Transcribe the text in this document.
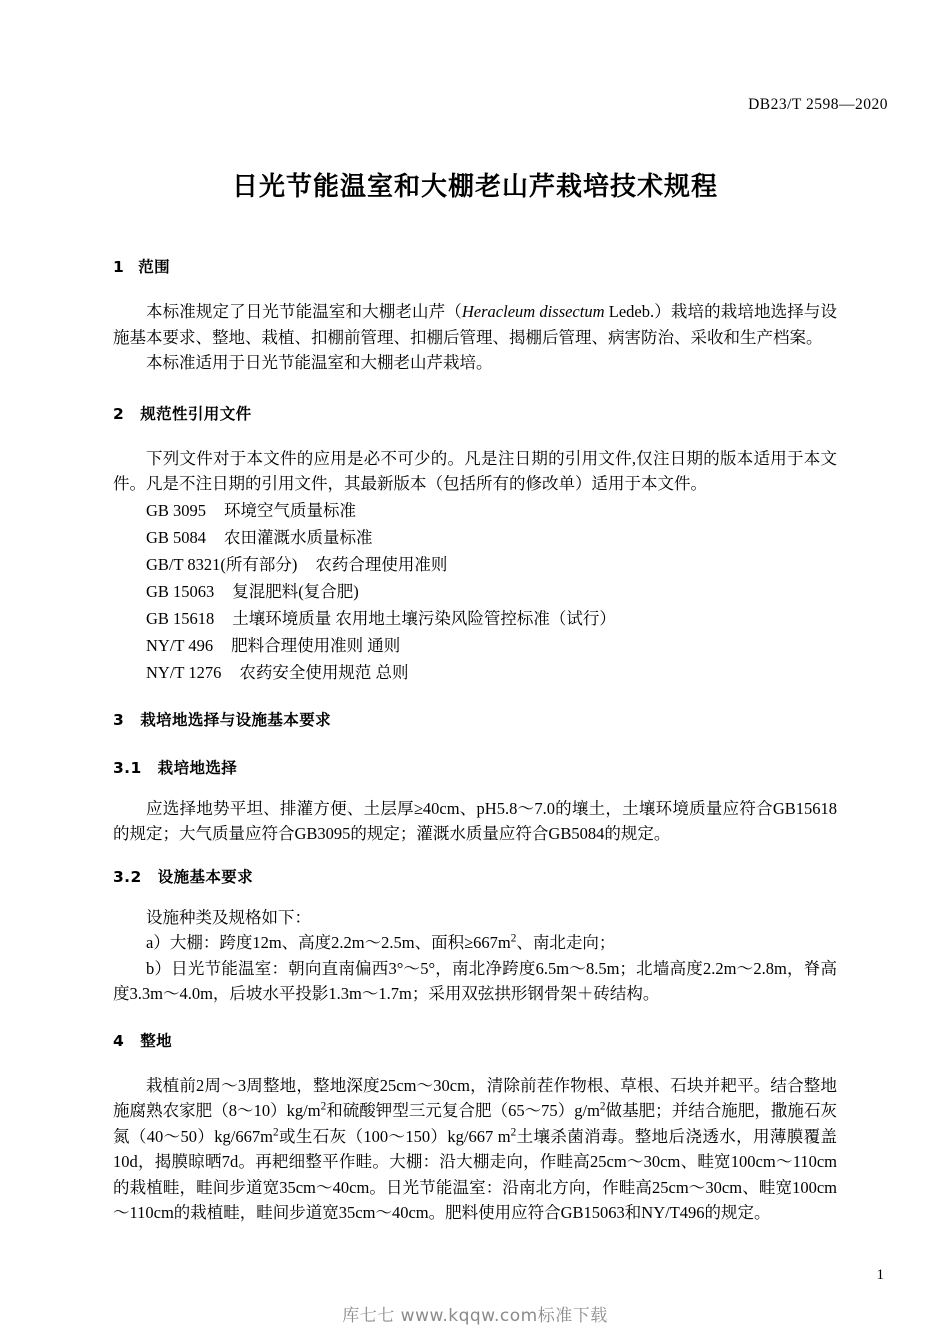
DB23/T 2598—2020
日光节能温室和大棚老山芹栽培技术规程
1 范围

本标准规定了日光节能温室和大棚老山芹（Heracleum dissectum Ledeb.）栽培的栽培地选择与设施基本要求、整地、栽植、扣棚前管理、扣棚后管理、揭棚后管理、病害防治、采收和生产档案。

本标准适用于日光节能温室和大棚老山芹栽培。

2 规范性引用文件

下列文件对于本文件的应用是必不可少的。凡是注日期的引用文件,仅注日期的版本适用于本文件。凡是不注日期的引用文件，其最新版本（包括所有的修改单）适用于本文件。

GB 3095 环境空气质量标准
GB 5084 农田灌溉水质量标准
GB/T 8321(所有部分) 农药合理使用准则
GB 15063 复混肥料(复合肥)
GB 15618 土壤环境质量 农用地土壤污染风险管控标准（试行）
NY/T 496 肥料合理使用准则 通则
NY/T 1276 农药安全使用规范 总则
3 栽培地选择与设施基本要求
3.1 栽培地选择

应选择地势平坦、排灌方便、土层厚≥40cm、pH5.8～7.0的壤土，土壤环境质量应符合GB15618的规定；大气质量应符合GB3095的规定；灌溉水质量应符合GB5084的规定。

3.2 设施基本要求

设施种类及规格如下：

a）大棚：跨度12m、高度2.2m～2.5m、面积$\ge 667m^2$、南北走向；

b）日光节能温室：朝向直南偏西3°～5°，南北净跨度6.5m～8.5m；北墙高度2.2m～2.8m，脊高度3.3m～4.0m，后坡水平投影1.3m～1.7m；采用双弦拱形钢骨架＋砖结构。

4 整地

栽植前2周～3周整地，整地深度25cm～30cm，清除前茬作物根、草根、石块并耙平。结合整地施腐熟农家肥$(8\sim 10)kg/m^2$和硫酸钾型三元复合肥$(65\sim 75)g/m^2$做基肥；并结合施肥，撒施石灰氮$(40\sim 50)kg/667m^2$或生石灰（100～150）kg/667 $m^2$土壤杀菌消毒。整地后浇透水，用薄膜覆盖10d，揭膜晾晒7d。再耙细整平作畦。大棚：沿大棚走向，作畦高25cm～30cm、畦宽100cm～110cm的栽植畦，畦间步道宽35cm～40cm。日光节能温室：沿南北方向，作畦高25cm～30cm、畦宽100cm～110cm的栽植畦，畦间步道宽35cm～40cm。肥料使用应符合GB15063和NY/T496的规定。

1
库七七 www.kqqw.com标准下载
